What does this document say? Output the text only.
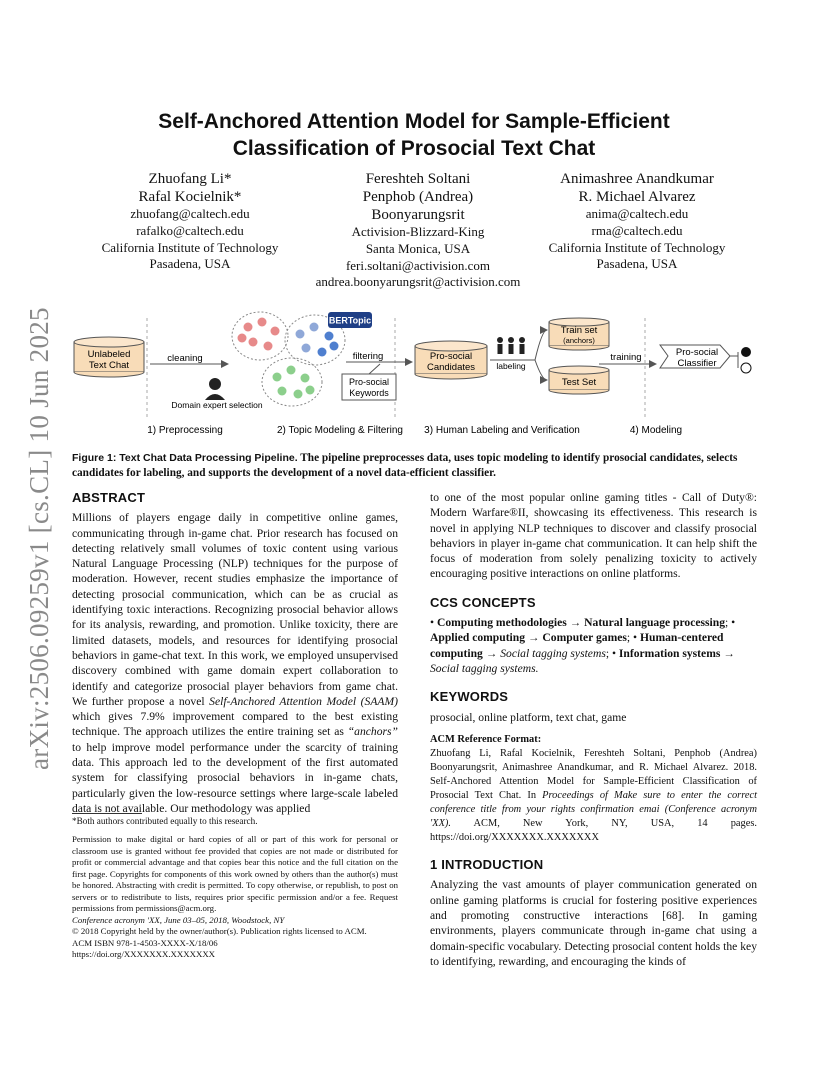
arXiv:2506.09259v1 [cs.CL] 10 Jun 2025
Self-Anchored Attention Model for Sample-Efficient
Classification of Prosocial Text Chat
Zhuofang Li*
Rafal Kocielnik*
zhuofang@caltech.edu
rafalko@caltech.edu
California Institute of Technology
Pasadena, USA
Fereshteh Soltani
Penphob (Andrea)
Boonyarungsrit
Activision-Blizzard-King
Santa Monica, USA
feri.soltani@activision.com
andrea.boonyarungsrit@activision.com
Animashree Anandkumar
R. Michael Alvarez
anima@caltech.edu
rma@caltech.edu
California Institute of Technology
Pasadena, USA
Unlabeled
Text Chat
cleaning
BERTopic
Domain expert selection
filtering
Pro-social
Keywords
Pro-social
Candidates	labeling
Train set
(anchors)
Test Set
training	Pro-social
Classifier
1) Preprocessing	2) Topic Modeling & Filtering 3) Human Labeling and Verification	4) Modeling
Figure 1: Text Chat Data Processing Pipeline. The pipeline preprocesses data, uses topic modeling to identify prosocial candidates, selects candidates for labeling, and supports the development of a novel data-efficient classifier.
ABSTRACT

Millions of players engage daily in competitive online games, communicating through in-game chat. Prior research has focused on detecting relatively small volumes of toxic content using various Natural Language Processing (NLP) techniques for the purpose of moderation. However, recent studies emphasize the importance of detecting prosocial communication, which can be as crucial as identifying toxic interactions. Recognizing prosocial behavior allows for its analysis, rewarding, and promotion. Unlike toxicity, there are limited datasets, models, and resources for identifying prosocial behaviors in game-chat text. In this work, we employed unsupervised discovery combined with game domain expert collaboration to identify and categorize prosocial player behaviors from game chat. We further propose a novel Self-Anchored Attention Model (SAAM) which gives 7.9% improvement compared to the best existing technique. The approach utilizes the entire training set as “anchors” to help improve model performance under the scarcity of training data. This approach led to the development of the first automated system for classifying prosocial behaviors in in-game chats, particularly given the low-resource settings where large-scale labeled data is not available. Our methodology was applied

*Both authors contributed equally to this research.
Permission to make digital or hard copies of all or part of this work for personal or classroom use is granted without fee provided that copies are not made or distributed for profit or commercial advantage and that copies bear this notice and the full citation on the first page. Copyrights for components of this work owned by others than the author(s) must be honored. Abstracting with credit is permitted. To copy otherwise, or republish, to post on servers or to redistribute to lists, requires prior specific permission and/or a fee. Request permissions from permissions@acm.org.
Conference acronym 'XX, June 03–05, 2018, Woodstock, NY
© 2018 Copyright held by the owner/author(s). Publication rights licensed to ACM.
ACM ISBN 978-1-4503-XXXX-X/18/06
https://doi.org/XXXXXXX.XXXXXXX

to one of the most popular online gaming titles - Call of Duty®: Modern Warfare®II, showcasing its effectiveness. This research is novel in applying NLP techniques to discover and classify prosocial behaviors in player in-game chat communication. It can help shift the focus of moderation from solely penalizing toxicity to actively encouraging positive interactions on online platforms.

CCS CONCEPTS

• Computing methodologies → Natural language processing; • Applied computing → Computer games; • Human-centered computing → Social tagging systems; • Information systems → Social tagging systems.

KEYWORDS

prosocial, online platform, text chat, game

ACM Reference Format:

Zhuofang Li, Rafal Kocielnik, Fereshteh Soltani, Penphob (Andrea) Boonyarungsrit, Animashree Anandkumar, and R. Michael Alvarez. 2018. Self-Anchored Attention Model for Sample-Efficient Classification of Prosocial Text Chat. In Proceedings of Make sure to enter the correct conference title from your rights confirmation emai (Conference acronym 'XX). ACM, New York, NY, USA, 14 pages. https://doi.org/XXXXXXX.XXXXXXX

1 INTRODUCTION

Analyzing the vast amounts of player communication generated on online gaming platforms is crucial for fostering positive experiences and promoting constructive interactions [68]. In gaming environments, players communicate through in-game chat using a domain-specific vocabulary. Detecting prosocial content holds the key to identifying, rewarding, and encouraging the kinds of
